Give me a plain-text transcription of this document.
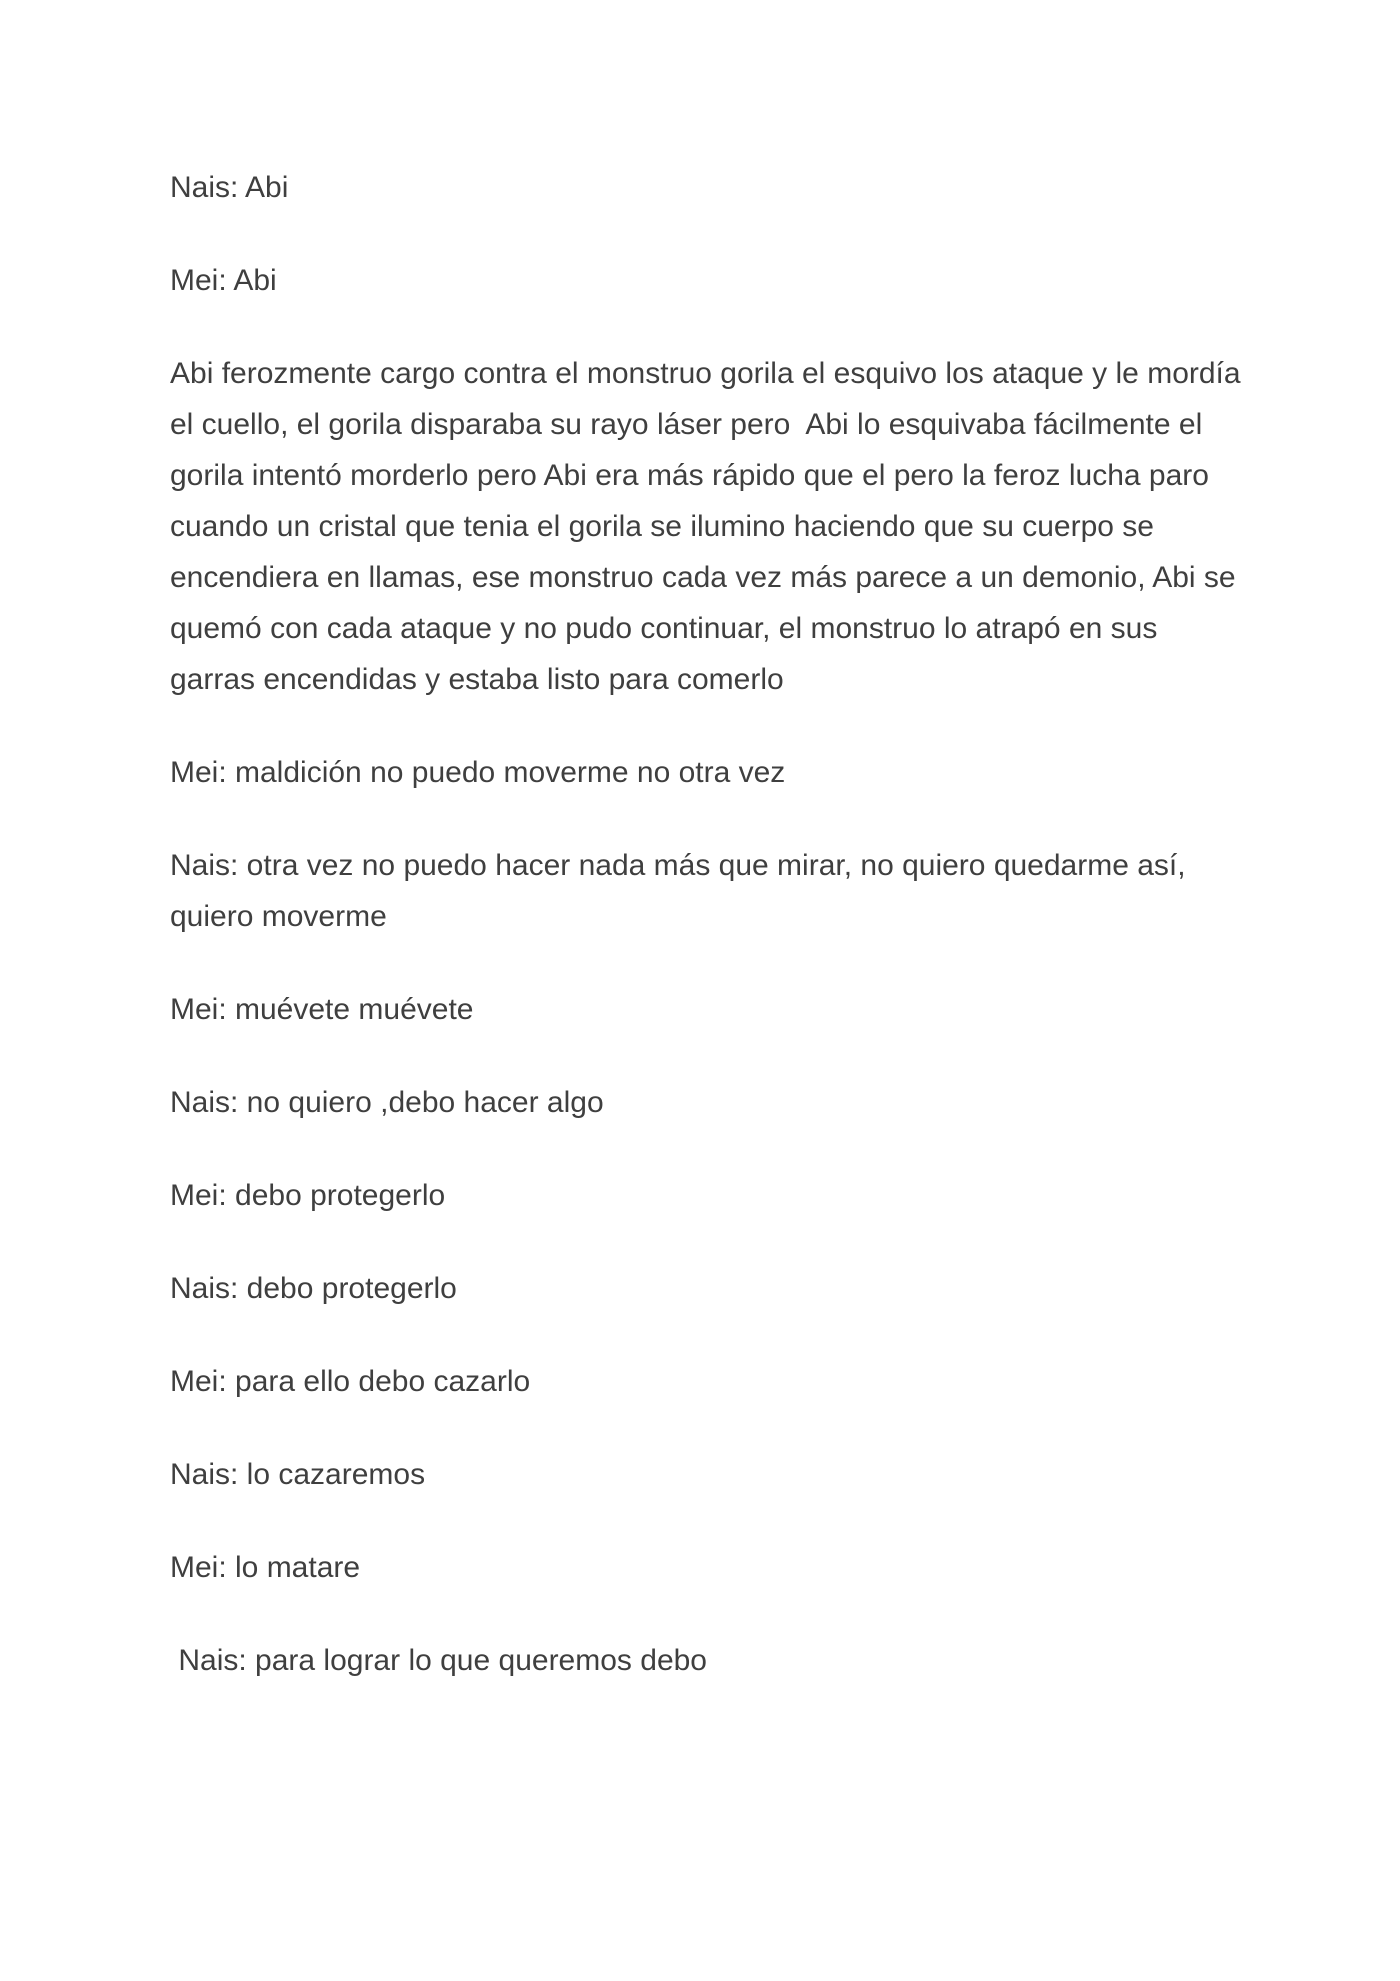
Nais: Abi

Mei: Abi

Abi ferozmente cargo contra el monstruo gorila el esquivo los ataque y le mordía el cuello, el gorila disparaba su rayo láser pero  Abi lo esquivaba fácilmente el gorila intentó morderlo pero Abi era más rápido que el pero la feroz lucha paro cuando un cristal que tenia el gorila se ilumino haciendo que su cuerpo se encendiera en llamas, ese monstruo cada vez más parece a un demonio, Abi se quemó con cada ataque y no pudo continuar, el monstruo lo atrapó en sus garras encendidas y estaba listo para comerlo

Mei: maldición no puedo moverme no otra vez

Nais: otra vez no puedo hacer nada más que mirar, no quiero quedarme así, quiero moverme

Mei: muévete muévete

Nais: no quiero ,debo hacer algo

Mei: debo protegerlo

Nais: debo protegerlo

Mei: para ello debo cazarlo

Nais: lo cazaremos

Mei: lo matare

Nais: para lograr lo que queremos debo
